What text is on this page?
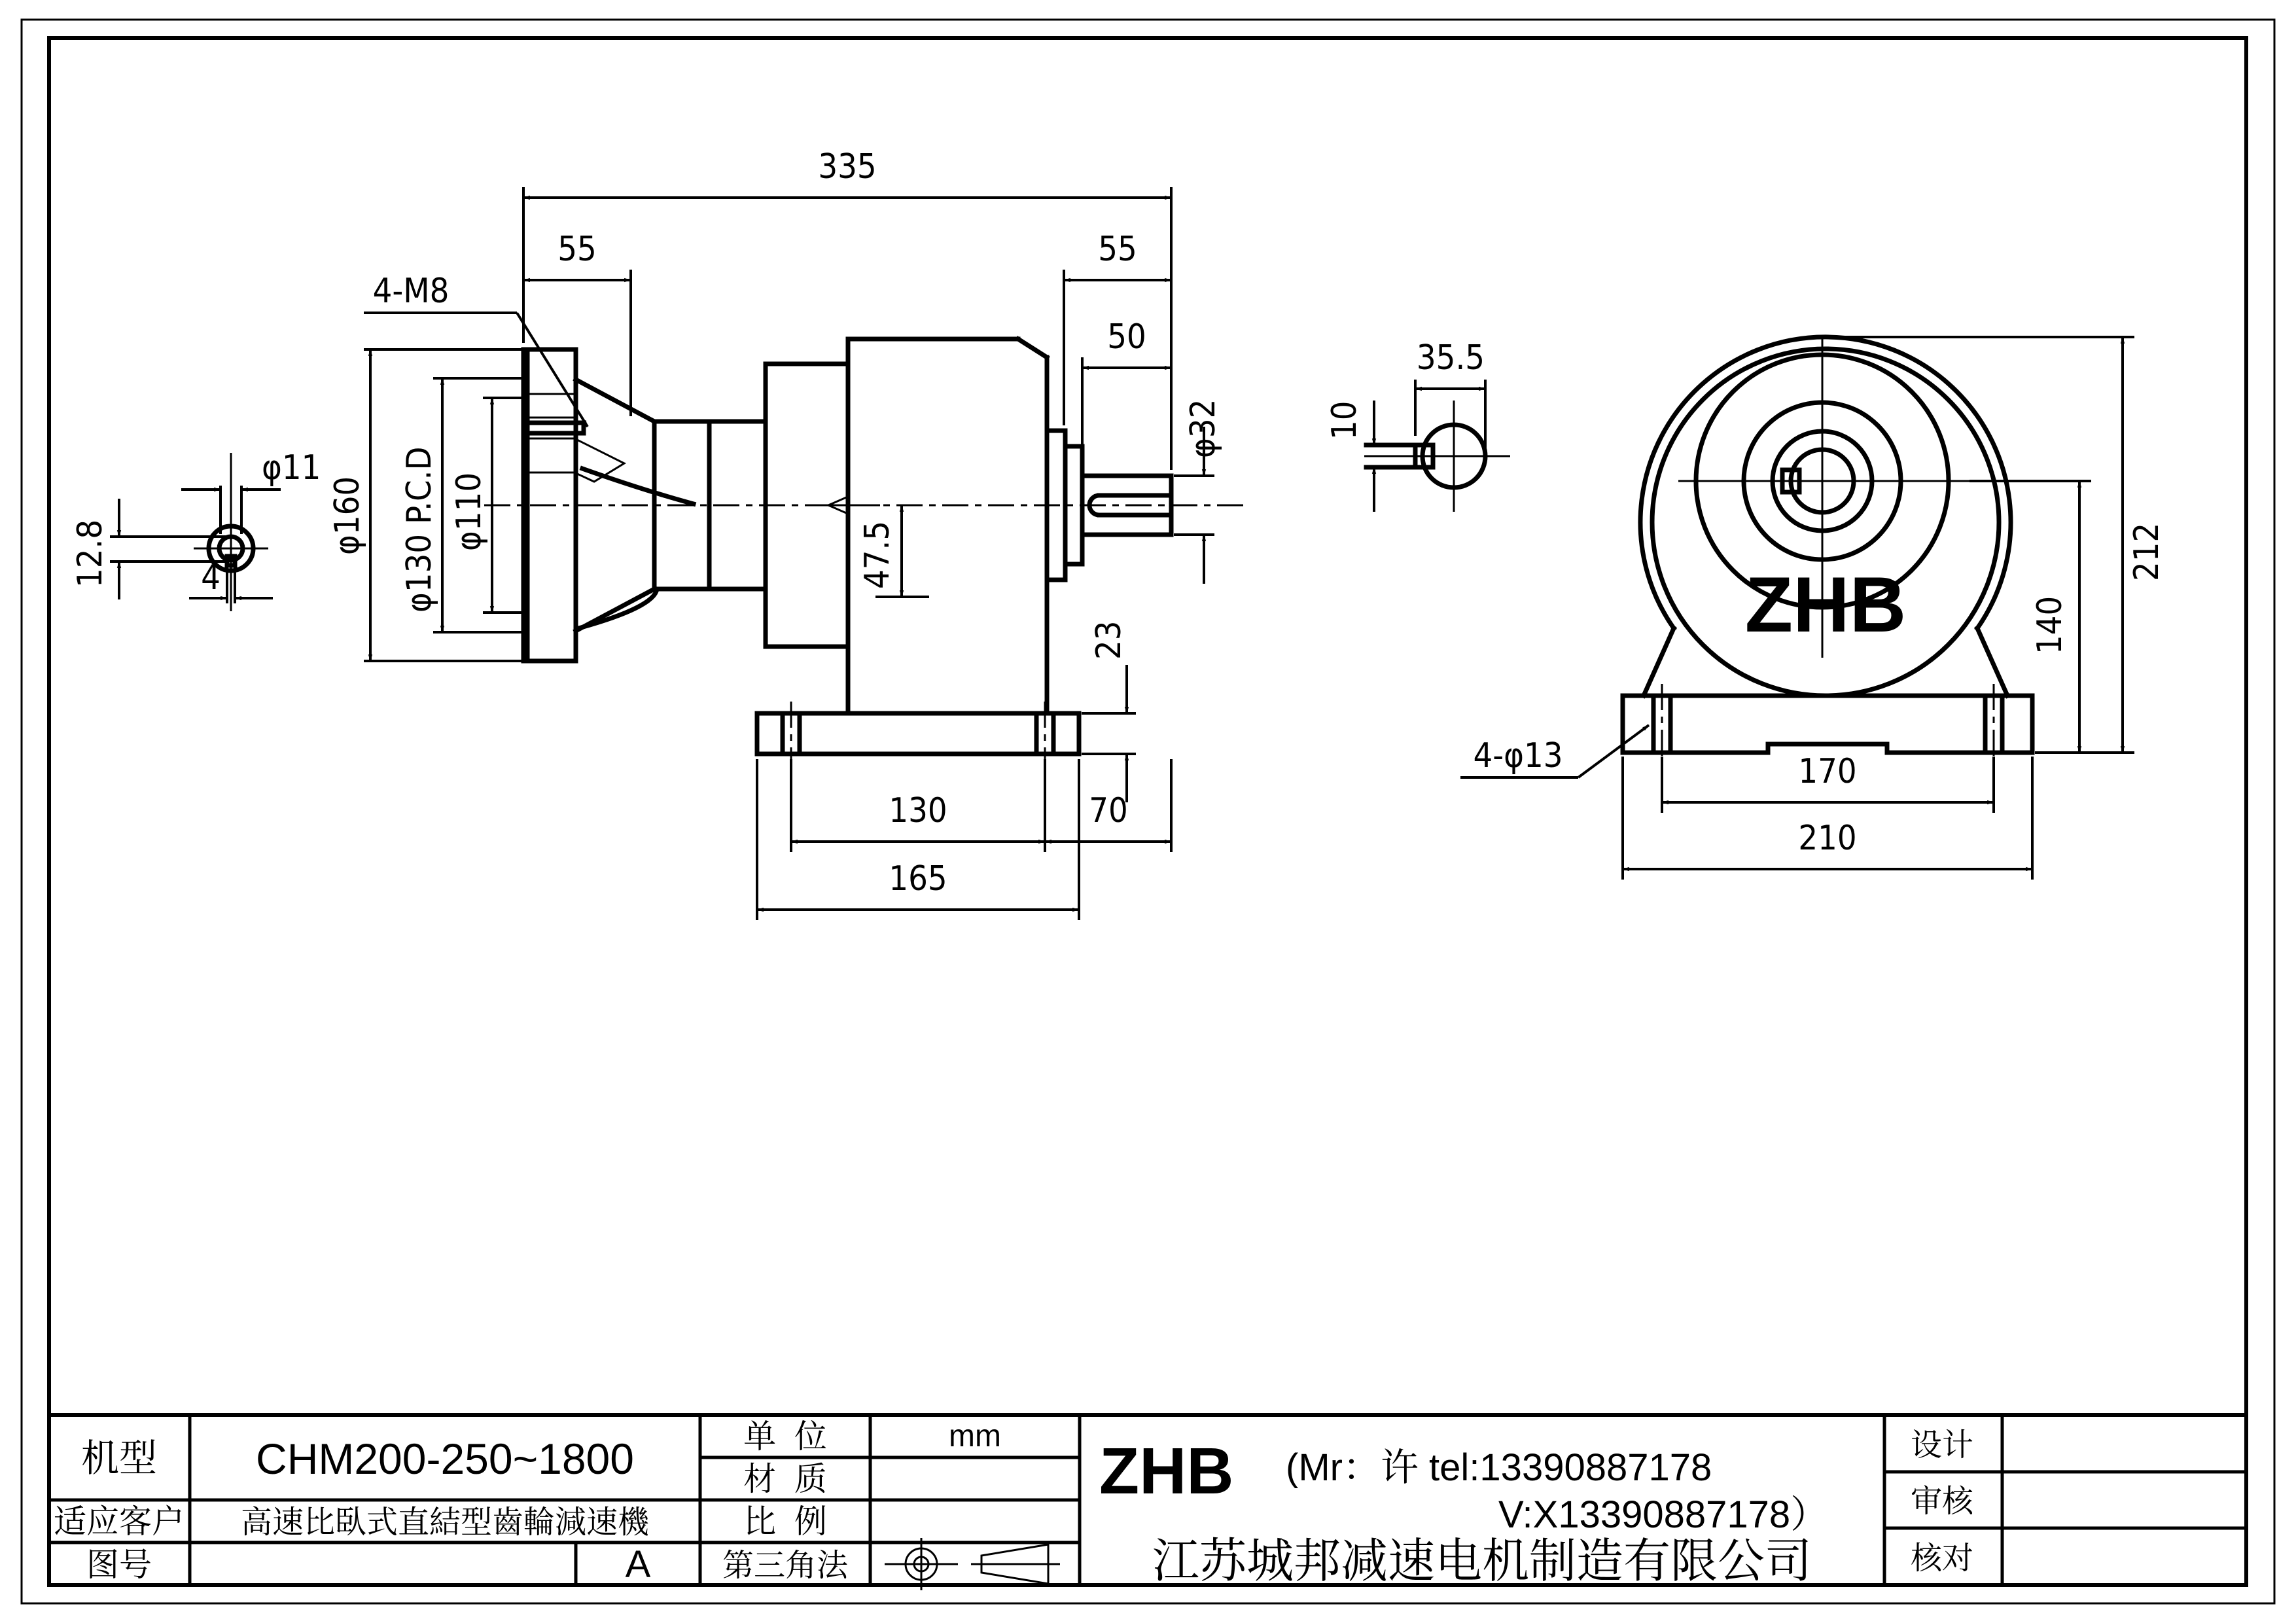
335
55	55
50
φ32
47.5
φ160 φ130 P.C.D φ110
4-M8
φ11
12.8	4
23
130	70
165
35.5
10
ZHB
212
140
170
210
4-φ13
机型 CHM200-250~1800
适应客户 高速比臥式直結型齒輪減速機
图号	A
单  位	mm
材  质
比  例
第三角法
ZHB (Mr：许 tel:13390887178
V:X13390887178）
江苏城邦减速电机制造有限公司
设计
审核
核对
